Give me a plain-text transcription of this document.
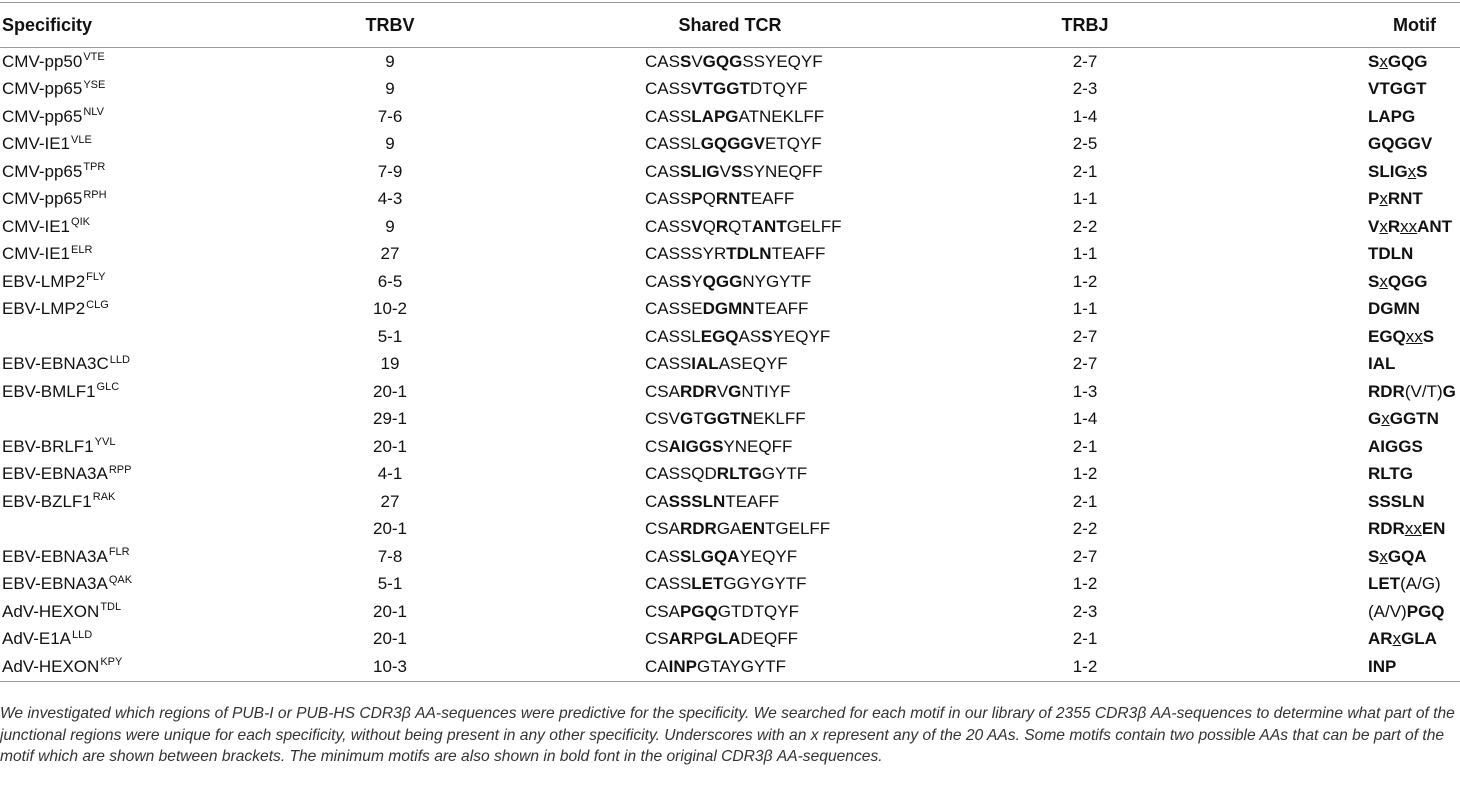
Specificity	TRBV	Shared TCR	TRBJ	Motif
CMV-$pp50^{VTE}$	9	CASSVGQGSSYEQYF	2-7	SxGQG
CMV-$pp65^{YSE}$	9	CASSVTGGTDTQYF	2-3	VTGGT
CMV-$pp65^{NLV}$	7-6	CASSLAPGATNEKLFF	1-4	LAPG
CMV-$IE1^{VLE}$	9	CASSLGQGGVETQYF	2-5	GQGGV
CMV-$pp65^{TPR}$	7-9	CASSLIGVSSYNEQFF	2-1	SLIGxS
CMV-$pp65^{RPH}$	4-3	CASSPQRNTEAFF	1-1	PxRNT
CMV-$IE1^{QIK}$	9	CASSVQRQTANTGELFF	2-2	VxRxxANT
CMV-$IE1^{ELR}$	27	CASSSYRTDLNTEAFF	1-1	TDLN
EBV-$LMP2^{FLY}$	6-5	CASSYQGGNYGYTF	1-2	SxQGG
EBV-$LMP2^{CLG}$	10-2	CASSEDGMNTEAFF	1-1	DGMN
	5-1	CASSLEGQASSYEQYF	2-7	EGQxxS
EBV-$EBNA3C^{LLD}$	19	CASSIALASEQYF	2-7	IAL
EBV-$BMLF1^{GLC}$	20-1	CSARDRVGNTIYF	1-3	RDR(V/T)G
	29-1	CSVGTGGTNEKLFF	1-4	GxGGTN
EBV-$BRLF1^{YVL}$	20-1	CSAIGGSYNEQFF	2-1	AIGGS
EBV-$EBNA3A^{RPP}$	4-1	CASSQDRLTGGYTF	1-2	RLTG
EBV-$BZLF1^{RAK}$	27	CASSSLNTEAFF	2-1	SSSLN
	20-1	CSARDRGAENTGELFF	2-2	RDRxxEN
EBV-$EBNA3A^{FLR}$	7-8	CASSLGQAYEQYF	2-7	SxGQA
EBV-$EBNA3A^{QAK}$	5-1	CASSLETGGYGYTF	1-2	LET(A/G)
AdV-$HEXON^{TDL}$	20-1	CSAPGQGTDTQYF	2-3	(A/V)PGQ
AdV-$E1A^{LLD}$	20-1	CSARPGLADEQFF	2-1	ARxGLA
AdV-$HEXON^{KPY}$	10-3	CAINPGTAYGYTF	1-2	INP
We investigated which regions of PUB-I or PUB-HS CDR3β AA-sequences were predictive for the specificity. We searched for each motif in our library of 2355 CDR3β AA-sequences to determine what part of the junctional regions were unique for each specificity, without being present in any other specificity. Underscores with an x represent any of the 20 AAs. Some motifs contain two possible AAs that can be part of the motif which are shown between brackets. The minimum motifs are also shown in bold font in the original CDR3β AA-sequences.
